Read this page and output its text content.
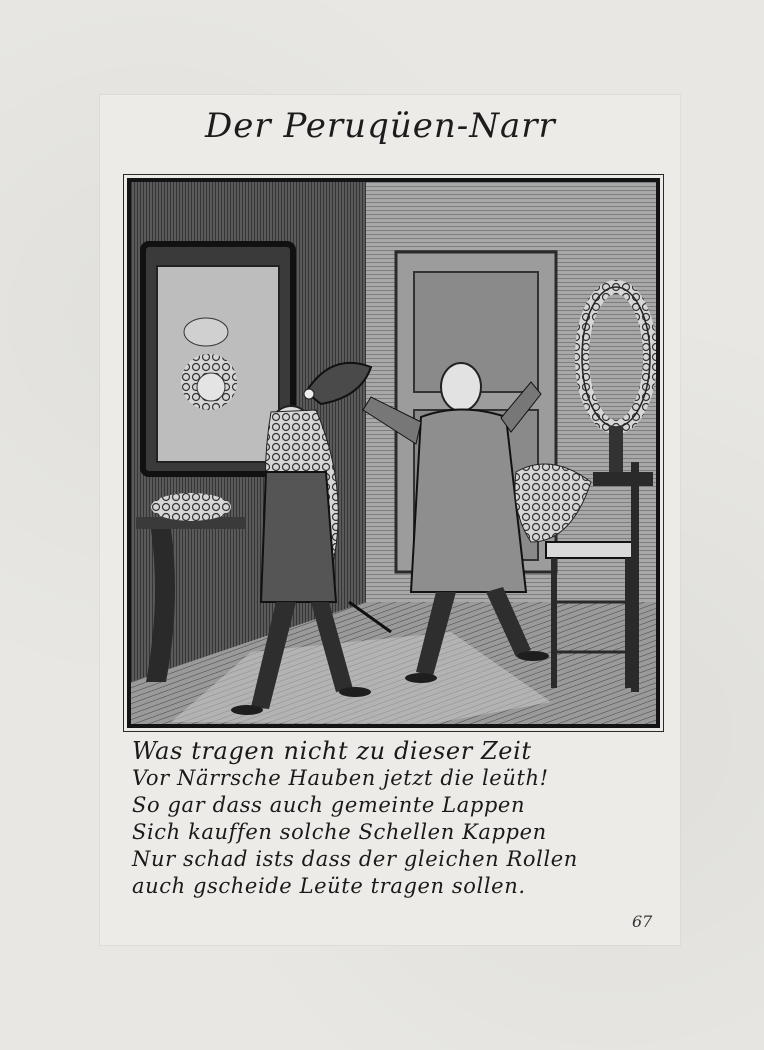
Der Peruqüen-Narr
Was tragen nicht zu dieser Zeit
Vor Närrsche Hauben jetzt die leüth!
So gar dass auch gemeinte Lappen
Sich kauffen solche Schellen Kappen
Nur schad ists dass der gleichen Rollen
auch gscheide Leüte tragen sollen.
67
